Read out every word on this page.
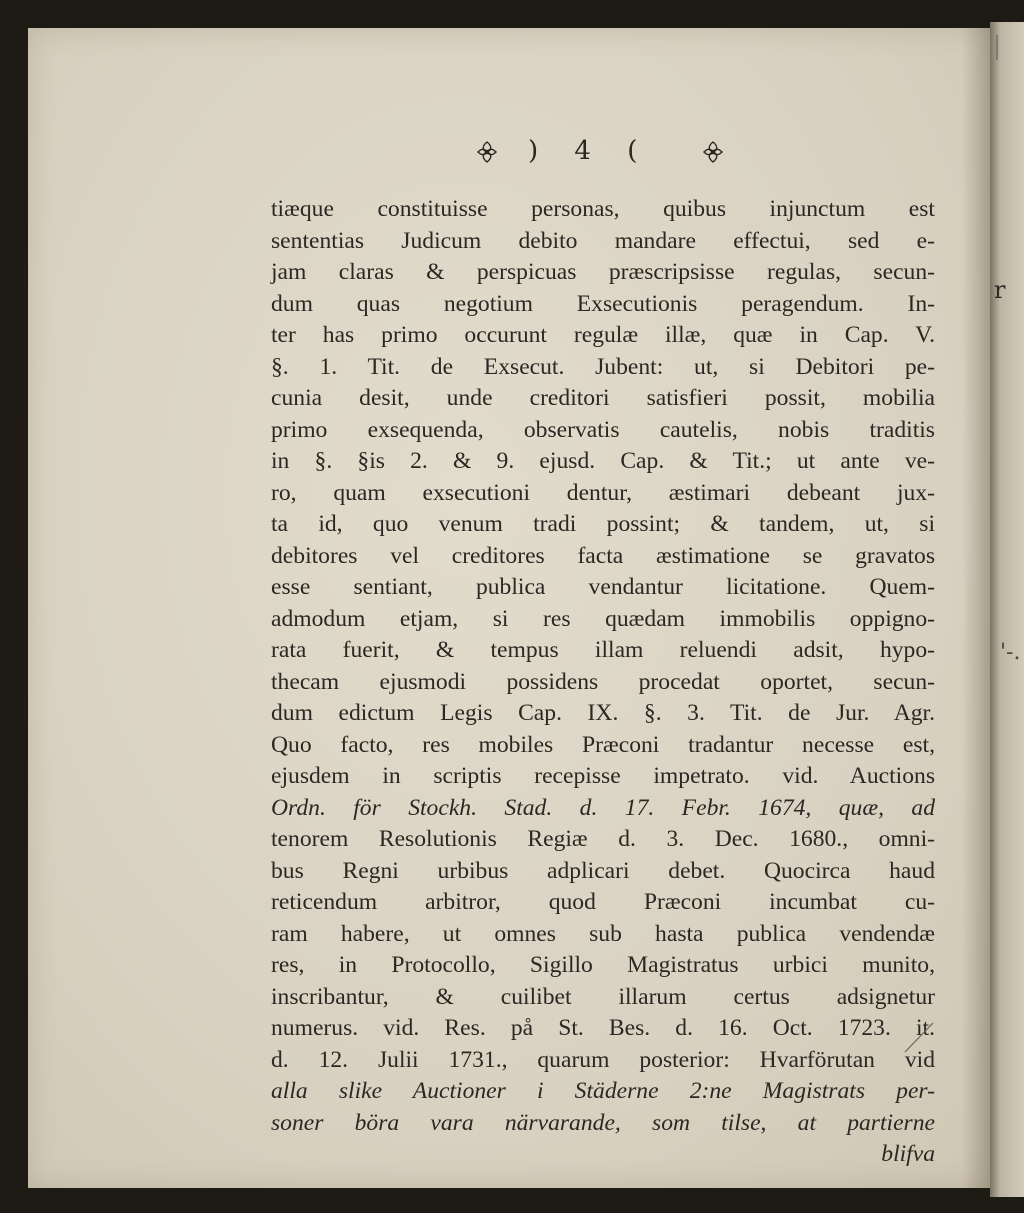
) 4 (
tiæque constituisse personas, quibus injunctum est
sententias Judicum debito mandare effectui, sed e-
jam claras & perspicuas præscripsisse regulas, secun-
dum quas negotium Exsecutionis peragendum. In-
ter has primo occurunt regulæ illæ, quæ in Cap. V.
§. 1. Tit. de Exsecut. Jubent: ut, si Debitori pe-
cunia desit, unde creditori satisfieri possit, mobilia
primo exsequenda, observatis cautelis, nobis traditis
in §. §is 2. & 9. ejusd. Cap. & Tit.; ut ante ve-
ro, quam exsecutioni dentur, æstimari debeant jux-
ta id, quo venum tradi possint; & tandem, ut, si
debitores vel creditores facta æstimatione se gravatos
esse sentiant, publica vendantur licitatione. Quem-
admodum etjam, si res quædam immobilis oppigno-
rata fuerit, & tempus illam reluendi adsit, hypo-
thecam ejusmodi possidens procedat oportet, secun-
dum edictum Legis Cap. IX. §. 3. Tit. de Jur. Agr.
Quo facto, res mobiles Præconi tradantur necesse est,
ejusdem in scriptis recepisse impetrato. vid. Auctions
Ordn. för Stockh. Stad. d. 17. Febr. 1674, quæ, ad
tenorem Resolutionis Regiæ d. 3. Dec. 1680., omni-
bus Regni urbibus adplicari debet. Quocirca haud
reticendum arbitror, quod Præconi incumbat cu-
ram habere, ut omnes sub hasta publica vendendæ
res, in Protocollo, Sigillo Magistratus urbici munito,
inscribantur, & cuilibet illarum certus adsignetur
numerus. vid. Res. på St. Bes. d. 16. Oct. 1723. it.
d. 12. Julii 1731., quarum posterior: Hvarförutan vid
alla slike Auctioner i Städerne 2:ne Magistrats per-
soner böra vara närvarande, som tilse, at partierne
blifva
r
'-.
